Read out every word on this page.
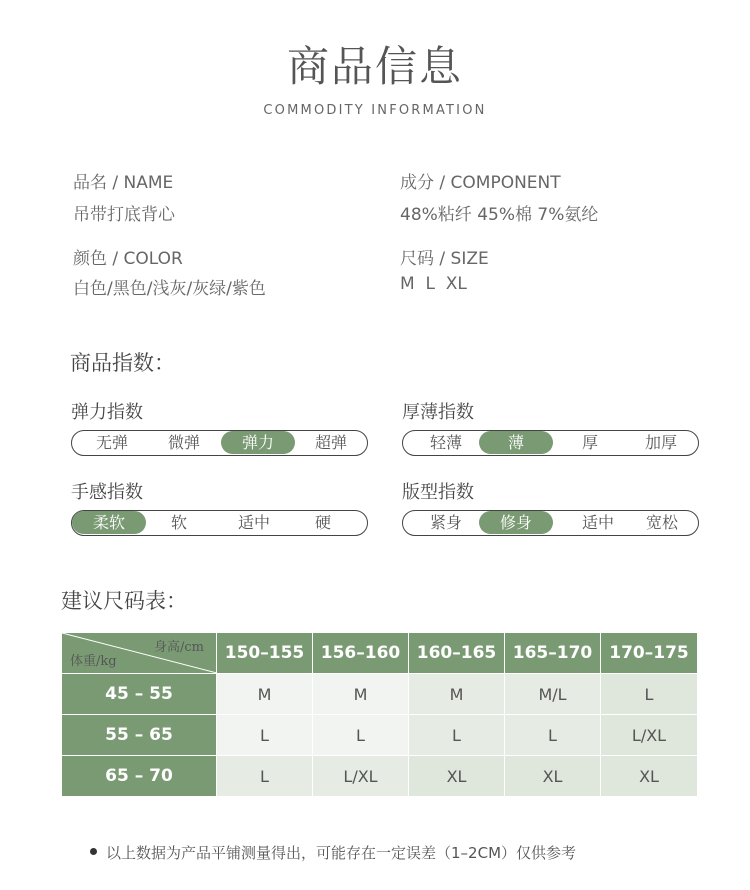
商品信息
COMMODITY INFORMATION
品名 / NAME
吊带打底背心
成分 / COMPONENT
48%粘纤 45%棉 7%氨纶
颜色 / COLOR
白色/黑色/浅灰/灰绿/紫色
尺码 / SIZE
M  L  XL
商品指数：
弹力指数
无弹	微弹	弹力	超弹
厚薄指数
轻薄	薄	厚	加厚
手感指数
柔软	软	适中	硬
版型指数
紧身	修身	适中	宽松
建议尺码表：
身高/cm
体重/kg	150–155	156–160	160–165	165–170	170–175
45 – 55	M	M	M	M/L	L
55 – 65	L	L	L	L	L/XL
65 – 70	L	L/XL	XL	XL	XL
以上数据为产品平铺测量得出，可能存在一定误差（1–2CM）仅供参考
